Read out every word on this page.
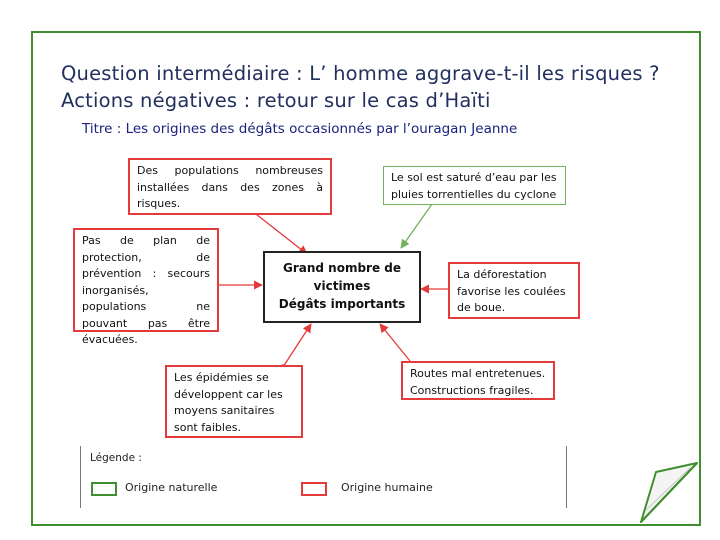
Question intermédiaire : L’ homme aggrave-t-il les risques ? Actions négatives : retour sur le cas d’Haïti
Titre : Les origines des dégâts occasionnés par l’ouragan Jeanne
Des populations nombreuses installées dans des zones à risques.
Pas de plan de protection, de prévention : secours inorganisés, populations ne pouvant pas être évacuées.
Les épidémies se développent car les moyens sanitaires sont faibles.
Le sol est saturé d’eau par les pluies torrentielles du cyclone
La déforestation favorise les coulées de boue.
Routes mal entretenues. Constructions fragiles.
Grand nombre de
victimes
Dégâts importants
Légende :
Origine naturelle	Origine humaine
